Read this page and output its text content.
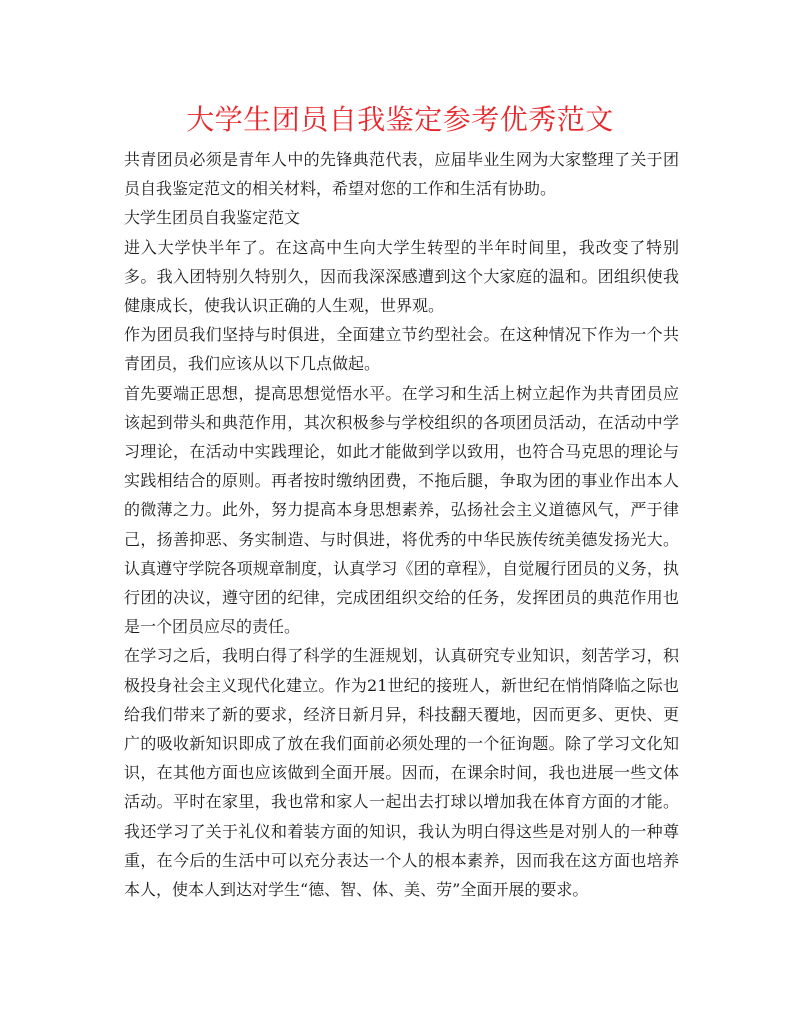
大学生团员自我鉴定参考优秀范文

共青团员必须是青年人中的先锋典范代表，应届毕业生网为大家整理了关于团员自我鉴定范文的相关材料，希望对您的工作和生活有协助。

大学生团员自我鉴定范文

进入大学快半年了。在这高中生向大学生转型的半年时间里，我改变了特别多。我入团特别久特别久，因而我深深感遭到这个大家庭的温和。团组织使我健康成长，使我认识正确的人生观，世界观。

作为团员我们坚持与时俱进，全面建立节约型社会。在这种情况下作为一个共青团员，我们应该从以下几点做起。

首先要端正思想，提高思想觉悟水平。在学习和生活上树立起作为共青团员应该起到带头和典范作用，其次积极参与学校组织的各项团员活动，在活动中学习理论，在活动中实践理论，如此才能做到学以致用，也符合马克思的理论与实践相结合的原则。再者按时缴纳团费，不拖后腿，争取为团的事业作出本人的微薄之力。此外，努力提高本身思想素养，弘扬社会主义道德风气，严于律己，扬善抑恶、务实制造、与时俱进，将优秀的中华民族传统美德发扬光大。认真遵守学院各项规章制度，认真学习《团的章程》，自觉履行团员的义务，执行团的决议，遵守团的纪律，完成团组织交给的任务，发挥团员的典范作用也是一个团员应尽的责任。

在学习之后，我明白得了科学的生涯规划，认真研究专业知识，刻苦学习，积极投身社会主义现代化建立。作为21世纪的接班人，新世纪在悄悄降临之际也给我们带来了新的要求，经济日新月异，科技翻天覆地，因而更多、更快、更广的吸收新知识即成了放在我们面前必须处理的一个征询题。除了学习文化知识，在其他方面也应该做到全面开展。因而，在课余时间，我也进展一些文体活动。平时在家里，我也常和家人一起出去打球以增加我在体育方面的才能。我还学习了关于礼仪和着装方面的知识，我认为明白得这些是对别人的一种尊重，在今后的生活中可以充分表达一个人的根本素养，因而我在这方面也培养本人，使本人到达对学生“德、智、体、美、劳”全面开展的要求。
